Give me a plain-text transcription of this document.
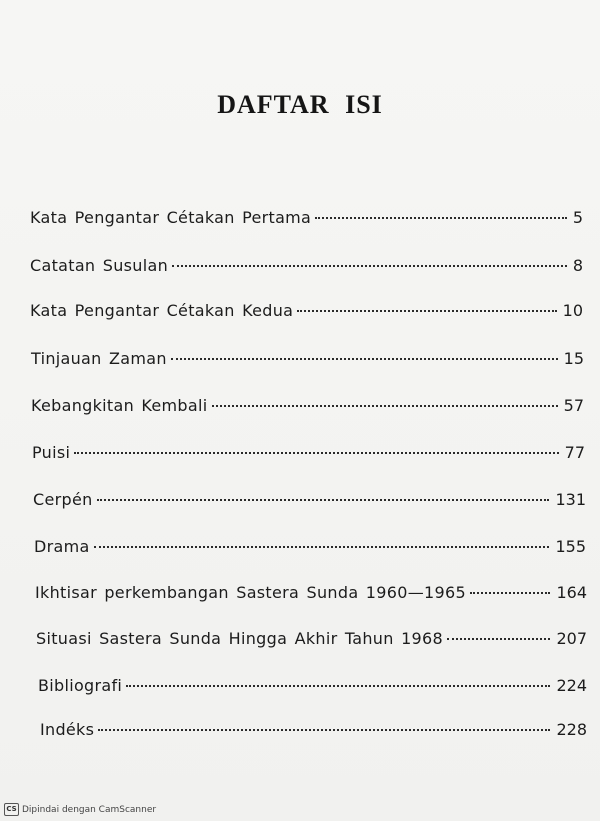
DAFTAR ISI
Kata Pengantar Cétakan Pertama	5
Catatan Susulan	8
Kata Pengantar Cétakan Kedua	10
Tinjauan Zaman	15
Kebangkitan Kembali	57
Puisi	77
Cerpén	131
Drama	155
Ikhtisar perkembangan Sastera Sunda 1960—1965	164
Situasi Sastera Sunda Hingga Akhir Tahun 1968	207
Bibliografi	224
Indéks	228
CS Dipindai dengan CamScanner
